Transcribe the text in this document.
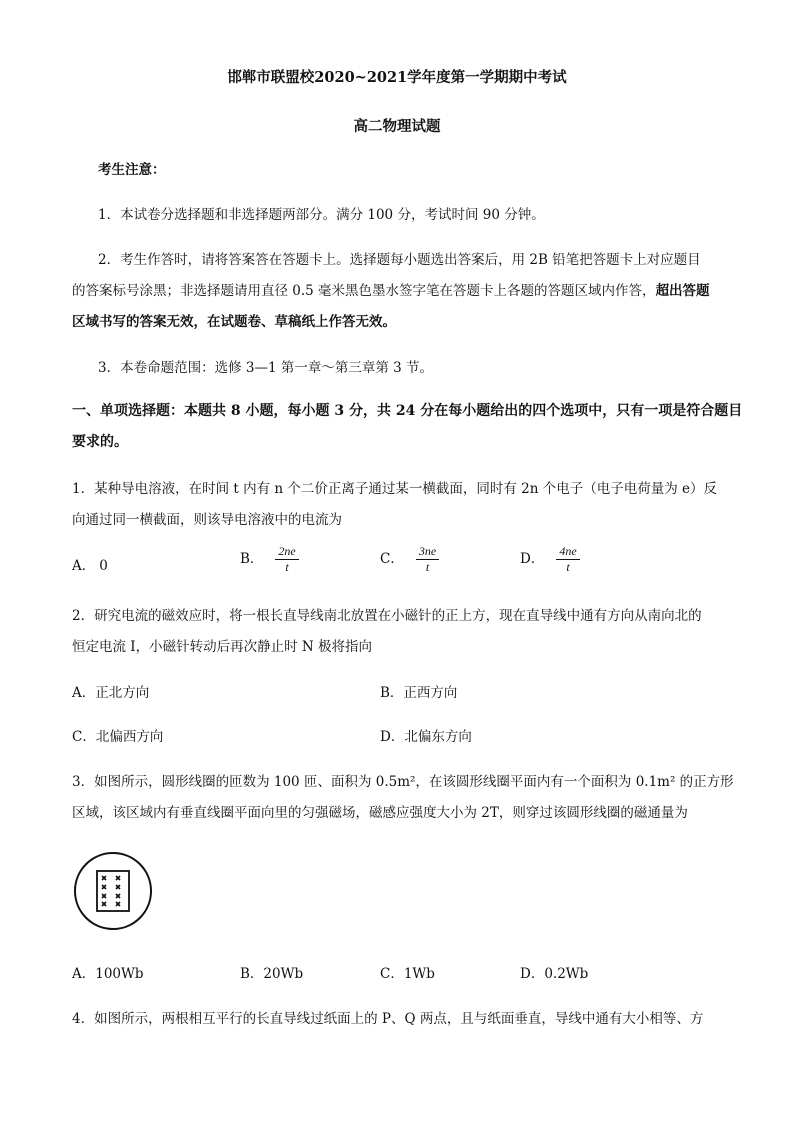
邯郸市联盟校2020~2021学年度第一学期期中考试
高二物理试题
考生注意：
1．本试卷分选择题和非选择题两部分。满分 100 分，考试时间 90 分钟。
2．考生作答时，请将答案答在答题卡上。选择题每小题选出答案后，用 2B 铅笔把答题卡上对应题目
的答案标号涂黑；非选择题请用直径 0.5 毫米黑色墨水签字笔在答题卡上各题的答题区域内作答，超出答题
区域书写的答案无效，在试题卷、草稿纸上作答无效。
3．本卷命题范围：选修 3—1 第一章～第三章第 3 节。
一、单项选择题：本题共 8 小题，每小题 3 分，共 24 分在每小题给出的四个选项中，只有一项是符合题目
要求的。
1．某种导电溶液，在时间 t 内有 n 个二价正离子通过某一横截面，同时有 2n 个电子（电子电荷量为 e）反
向通过同一横截面，则该导电溶液中的电流为
A． 0	B． $\frac{2ne}{t}$	C． $\frac{3ne}{t}$	D． $\frac{4ne}{t}$
2．研究电流的磁效应时，将一根长直导线南北放置在小磁针的正上方，现在直导线中通有方向从南向北的
恒定电流 I，小磁针转动后再次静止时 N 极将指向
A．正北方向	B．正西方向
C．北偏西方向	D．北偏东方向
3．如图所示，圆形线圈的匝数为 100 匝、面积为 0.5m²，在该圆形线圈平面内有一个面积为 0.1m² 的正方形
区域，该区域内有垂直线圈平面向里的匀强磁场，磁感应强度大小为 2T，则穿过该圆形线圈的磁通量为
A．100Wb	B．20Wb	C．1Wb	D．0.2Wb
4．如图所示，两根相互平行的长直导线过纸面上的 P、Q 两点，且与纸面垂直，导线中通有大小相等、方
